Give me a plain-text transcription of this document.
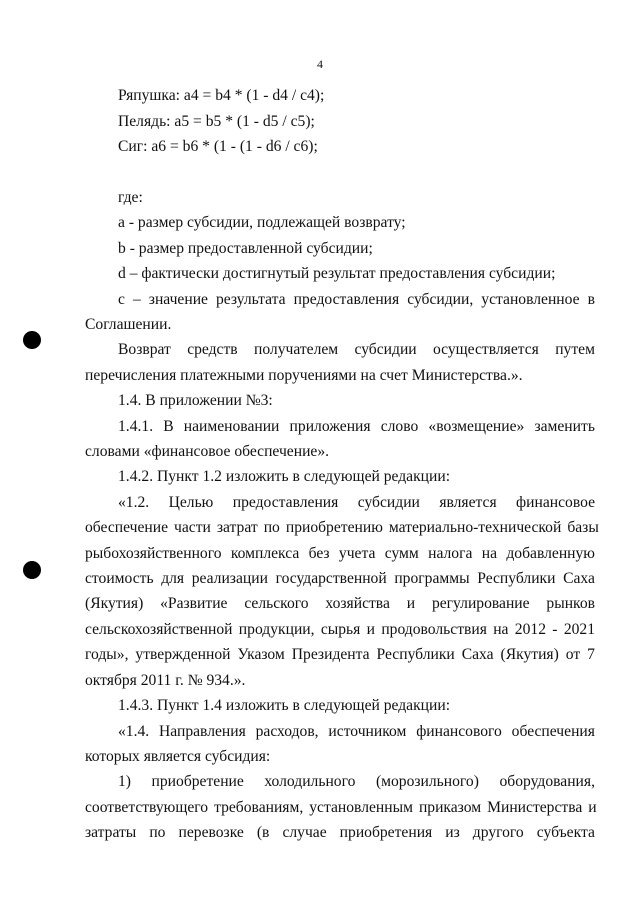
4
Ряпушка: a4 = b4 * (1 - d4 / c4);
Пелядь: a5 = b5 * (1 - d5 / c5);
Сиг: a6 = b6 * (1 - (1 - d6 / c6);
где:
а - размер субсидии, подлежащей возврату;
b - размер предоставленной субсидии;
d – фактически достигнутый результат предоставления субсидии;
с – значение результата предоставления субсидии, установленное в
Соглашении.
Возврат средств получателем субсидии осуществляется путем
перечисления платежными поручениями на счет Министерства.».
1.4. В приложении №3:
1.4.1. В наименовании приложения слово «возмещение» заменить
словами «финансовое обеспечение».
1.4.2. Пункт 1.2 изложить в следующей редакции:
«1.2. Целью предоставления субсидии является финансовое
обеспечение части затрат по приобретению материально-технической базы
рыбохозяйственного комплекса без учета сумм налога на добавленную
стоимость для реализации государственной программы Республики Саха
(Якутия) «Развитие сельского хозяйства и регулирование рынков
сельскохозяйственной продукции, сырья и продовольствия на 2012 - 2021
годы», утвержденной Указом Президента Республики Саха (Якутия) от 7
октября 2011 г. № 934.».
1.4.3. Пункт 1.4 изложить в следующей редакции:
«1.4. Направления расходов, источником финансового обеспечения
которых является субсидия:
1) приобретение холодильного (морозильного) оборудования,
соответствующего требованиям, установленным приказом Министерства и
затраты по перевозке (в случае приобретения из другого субъекта
